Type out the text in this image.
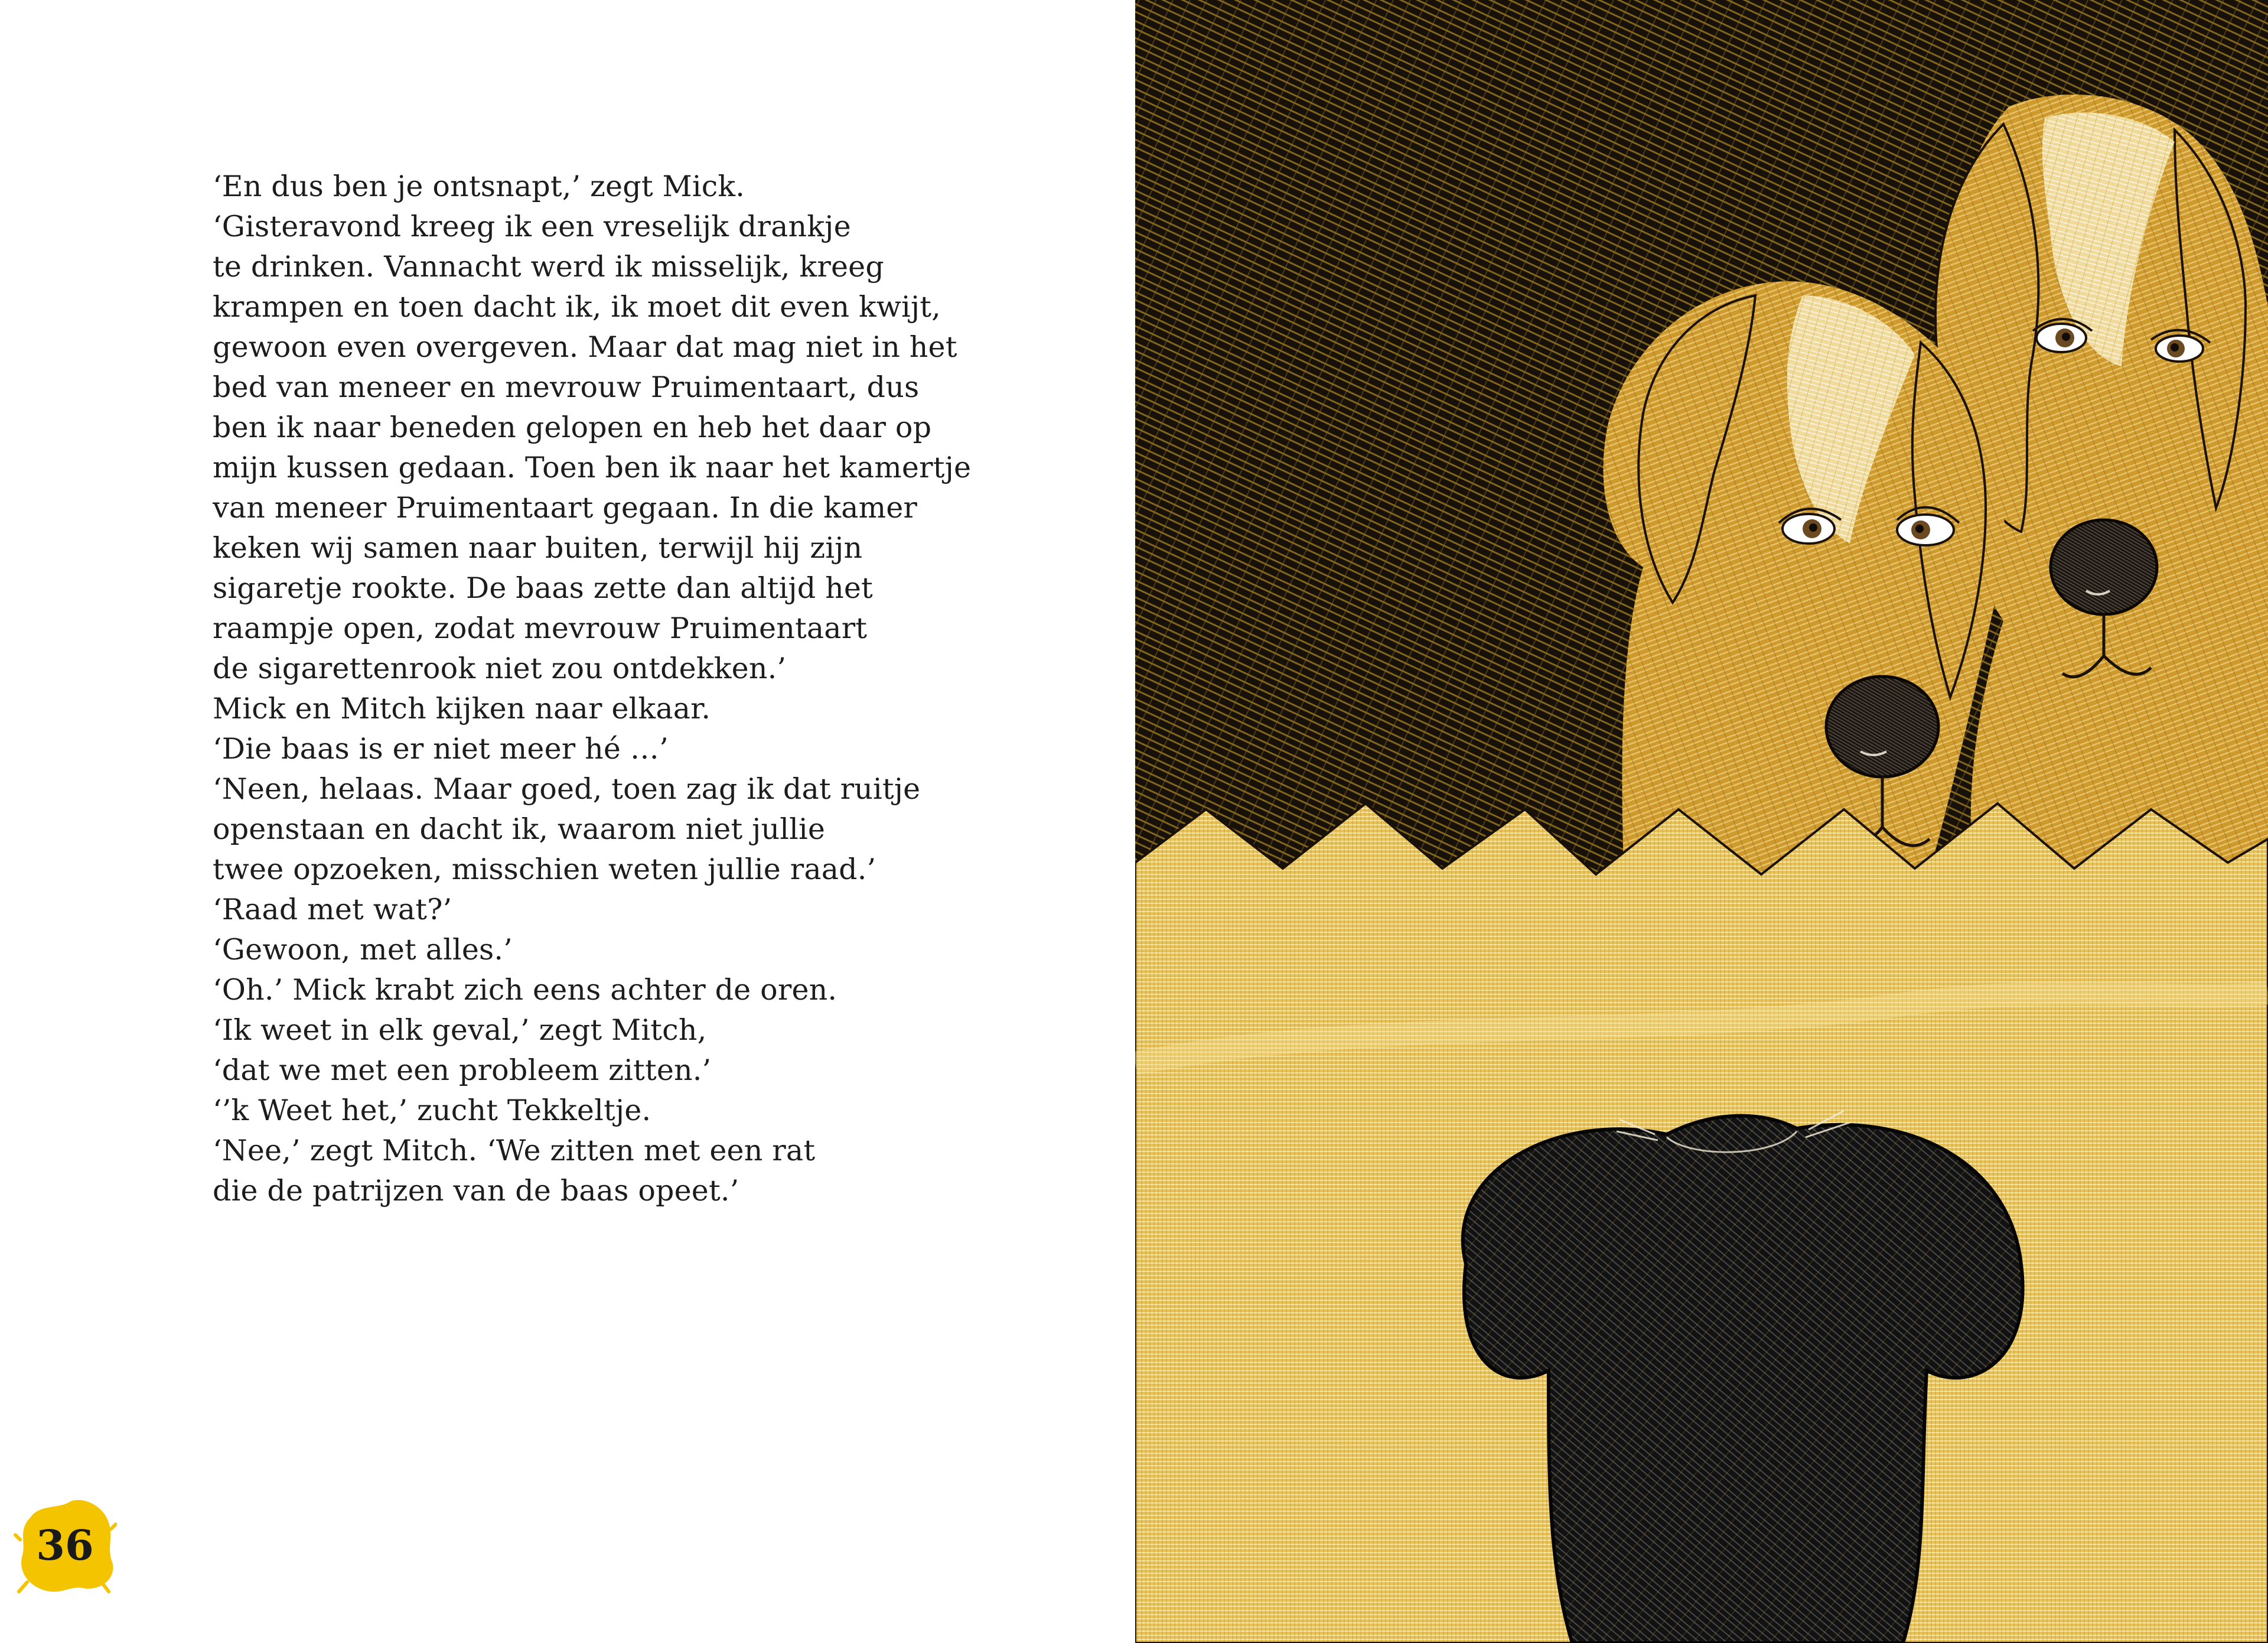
‘En dus ben je ontsnapt,’ zegt Mick.
‘Gisteravond kreeg ik een vreselijk drankje
te drinken. Vannacht werd ik misselijk, kreeg
krampen en toen dacht ik, ik moet dit even kwijt,
gewoon even overgeven. Maar dat mag niet in het
bed van meneer en mevrouw Pruimentaart, dus
ben ik naar beneden gelopen en heb het daar op
mijn kussen gedaan. Toen ben ik naar het kamertje
van meneer Pruimentaart gegaan. In die kamer
keken wij samen naar buiten, terwijl hij zijn
sigaretje rookte. De baas zette dan altijd het
raampje open, zodat mevrouw Pruimentaart
de sigarettenrook niet zou ontdekken.’
Mick en Mitch kijken naar elkaar.
‘Die baas is er niet meer hé …’
‘Neen, helaas. Maar goed, toen zag ik dat ruitje
openstaan en dacht ik, waarom niet jullie
twee opzoeken, misschien weten jullie raad.’
‘Raad met wat?’
‘Gewoon, met alles.’
‘Oh.’ Mick krabt zich eens achter de oren.
‘Ik weet in elk geval,’ zegt Mitch,
‘dat we met een probleem zitten.’
‘’k Weet het,’ zucht Tekkeltje.
‘Nee,’ zegt Mitch. ‘We zitten met een rat
die de patrijzen van de baas opeet.’
36
